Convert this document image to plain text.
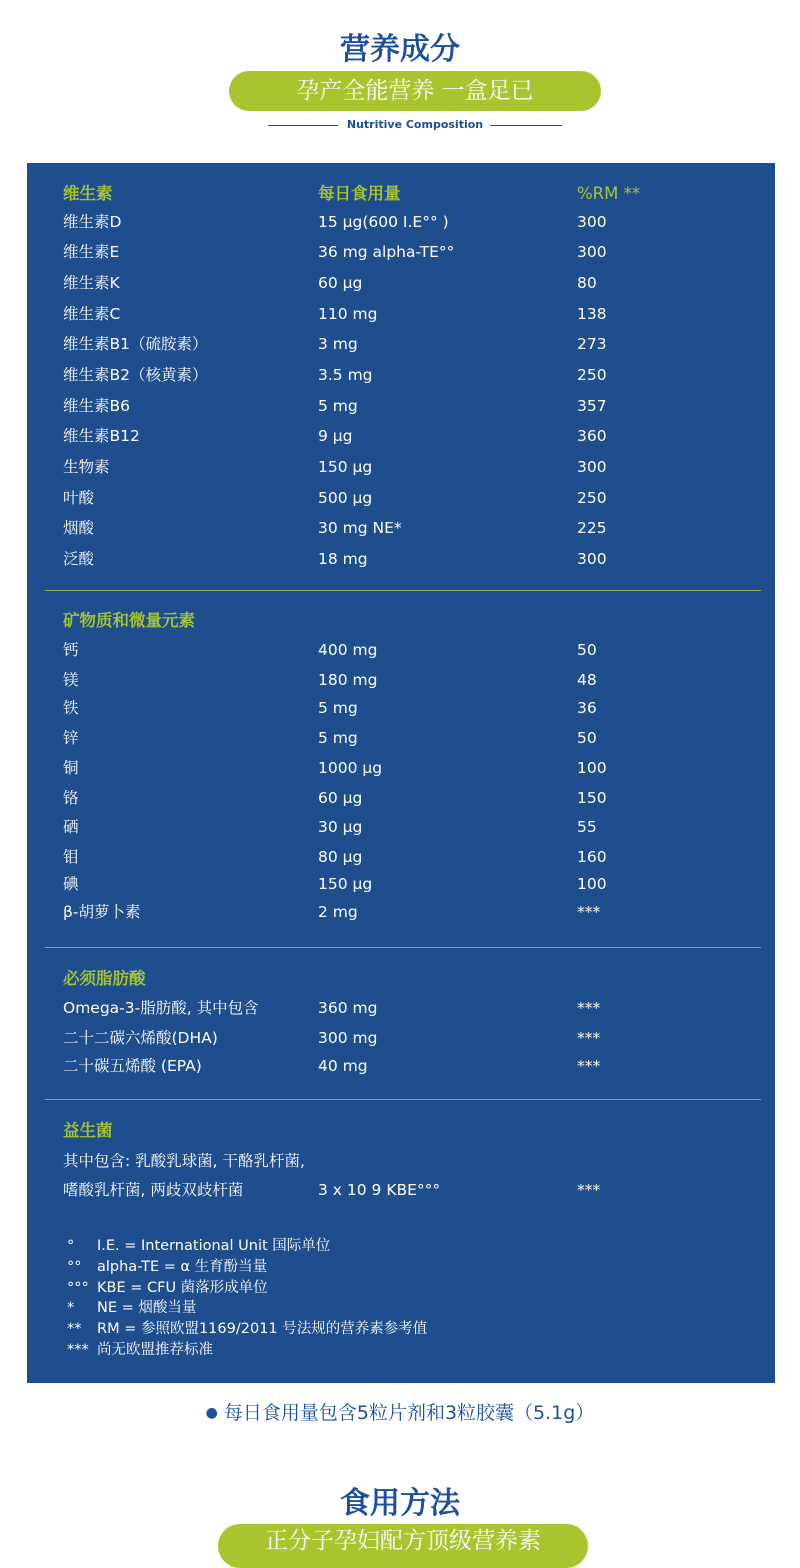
营养成分
孕产全能营养 一盒足已
Nutritive Composition
维生素	每日食用量	%RM **
维生素D	15 μg(600 I.E°° )	300
维生素E	36 mg alpha-TE°°	300
维生素K	60 μg	80
维生素C	110 mg	138
维生素B1（硫胺素）	3 mg	273
维生素B2（核黄素）	3.5 mg	250
维生素B6	5 mg	357
维生素B12	9 μg	360
生物素	150 μg	300
叶酸	500 μg	250
烟酸	30 mg NE*	225
泛酸	18 mg	300
矿物质和微量元素
钙	400 mg	50
镁	180 mg	48
铁	5 mg	36
锌	5 mg	50
铜	1000 μg	100
铬	60 μg	150
硒	30 μg	55
钼	80 μg	160
碘	150 μg	100
β-胡萝卜素	2 mg	***
必须脂肪酸
Omega-3-脂肪酸, 其中包含	360 mg	***
二十二碳六烯酸(DHA)	300 mg	***
二十碳五烯酸 (EPA)	40 mg	***
益生菌
其中包含: 乳酸乳球菌, 干酪乳杆菌,
嗜酸乳杆菌, 两歧双歧杆菌	3 x 10 9 KBE°°°	***
° I.E. = International Unit 国际单位
°° alpha-TE = α 生育酚当量
°°° KBE = CFU 菌落形成单位
* NE = 烟酸当量
** RM = 参照欧盟1169/2011 号法规的营养素参考值
*** 尚无欧盟推荐标准
● 每日食用量包含5粒片剂和3粒胶囊（5.1g）
食用方法
正分子孕妇配方顶级营养素
